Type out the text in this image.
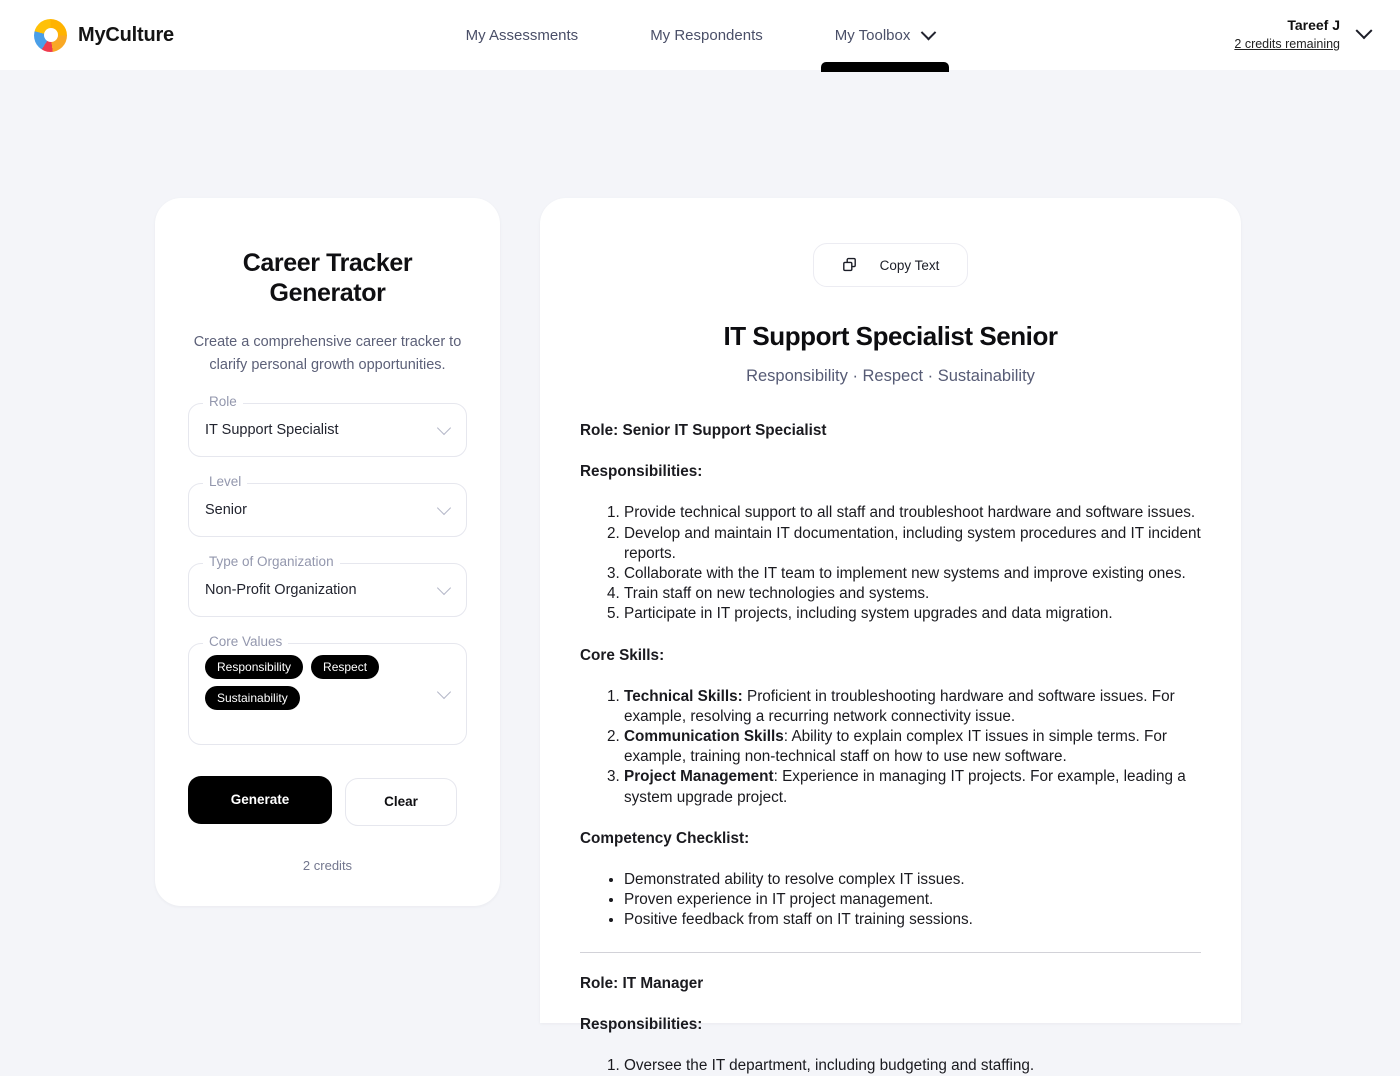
MyCulture	My Assessments	My Respondents	My Toolbox
Tareef J
2 credits remaining
Career Tracker Generator
Create a comprehensive career tracker to clarify personal growth opportunities.
Role
IT Support Specialist
Level
Senior
Type of Organization
Non-Profit Organization
Core Values
Responsibility	Respect
Sustainability
Generate	Clear
2 credits
Copy Text
IT Support Specialist Senior
Responsibility · Respect · Sustainability
Role: Senior IT Support Specialist
Responsibilities:
1. Provide technical support to all staff and troubleshoot hardware and software issues.
2. Develop and maintain IT documentation, including system procedures and IT incident reports.
3. Collaborate with the IT team to implement new systems and improve existing ones.
4. Train staff on new technologies and systems.
5. Participate in IT projects, including system upgrades and data migration.
Core Skills:
1. Technical Skills: Proficient in troubleshooting hardware and software issues. For example, resolving a recurring network connectivity issue.
2. Communication Skills: Ability to explain complex IT issues in simple terms. For example, training non-technical staff on how to use new software.
3. Project Management: Experience in managing IT projects. For example, leading a system upgrade project.
Competency Checklist:
• Demonstrated ability to resolve complex IT issues.
• Proven experience in IT project management.
• Positive feedback from staff on IT training sessions.
Role: IT Manager
Responsibilities:
1. Oversee the IT department, including budgeting and staffing.
